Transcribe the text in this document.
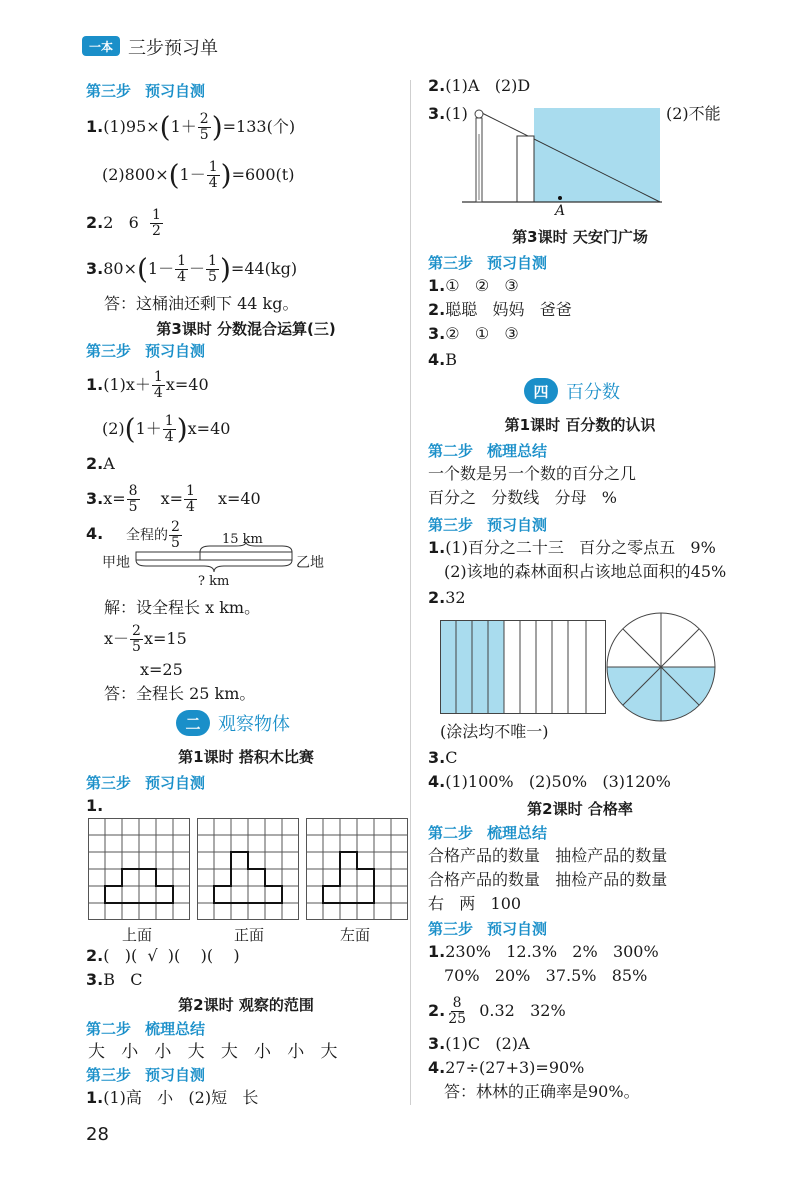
一本 三步预习单
第三步 预习自测
$1.(1)95\times(1+ \frac{2}{5} )=133$(个)
$(2)800\times(1- \frac{1}{4} )=600(t)$
2.2   $6 \frac{1}{2}$
$3.80\times(1- \frac{1}{4} - \frac{1}{5} )=44(kg)$
答：这桶油还剩下 44 kg。
第3课时 分数混合运算(三)
第三步 预习自测
$1.(1)x+ \frac{1}{4} x=40$
$(2)(1+ \frac{1}{4} )x=40$
2.A
$3.x= \frac{8}{5} x= \frac{1}{4} x=40$
4. 全程的 $\frac{2}{5}$	15 km
甲地	乙地
? km
解：设全程长 x km。
$x- \frac{2}{5} x=15$
x=25
答：全程长 25 km。
二 观察物体
第1课时 搭积木比赛
第三步 预习自测
1.
上面	正面	左面
2.(   )(  √  )(    )(    )
3.B   C
第2课时 观察的范围
第二步 梳理总结
大   小   小   大   大   小   小   大
第三步 预习自测
1.(1)高   小   (2)短   长
2.(1)A   (2)D
3.(1)	(2)不能
A
第3课时 天安门广场
第三步 预习自测
1.①   ②   ③
2.聪聪   妈妈   爸爸
3.②   ①   ③
4.B
四 百分数
第1课时 百分数的认识
第二步 梳理总结
一个数是另一个数的百分之几
百分之   分数线   分母   %
第三步 预习自测
1.(1)百分之二十三   百分之零点五   9%
(2)该地的森林面积占该地总面积的45%
2.32
(涂法均不唯一)
3.C
4.(1)100%   (2)50%   (3)120%
第2课时 合格率
第二步 梳理总结
合格产品的数量   抽检产品的数量
合格产品的数量   抽检产品的数量
右   两   100
第三步 预习自测
1.230%   12.3%   2%   300%
70%   20%   37.5%   85%
2. $\frac{8}{25} 0.32$   32%
3.(1)C   (2)A
4.27÷(27+3)=90%
答：林林的正确率是90%。
28
